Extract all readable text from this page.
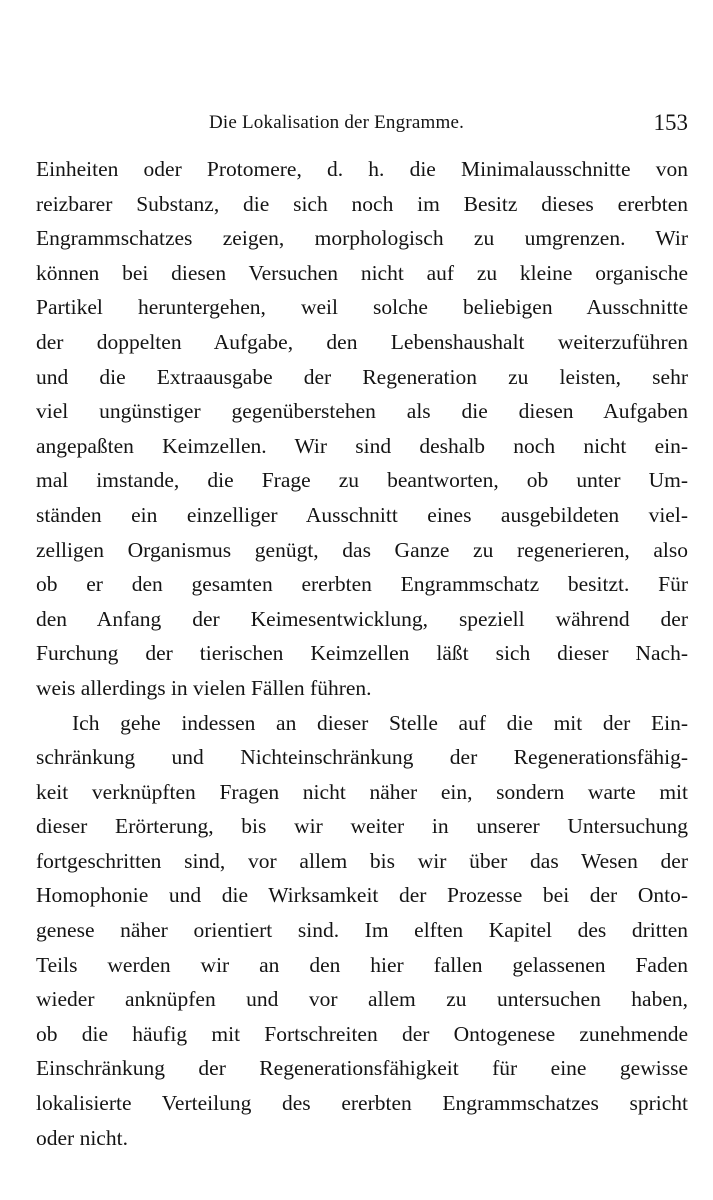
Die Lokalisation der Engramme.	153
Einheiten oder Protomere, d. h. die Minimalausschnitte von
reizbarer Substanz, die sich noch im Besitz dieses ererbten
Engrammschatzes zeigen, morphologisch zu umgrenzen. Wir
können bei diesen Versuchen nicht auf zu kleine organische
Partikel heruntergehen, weil solche beliebigen Ausschnitte
der doppelten Aufgabe, den Lebenshaushalt weiterzuführen
und die Extraausgabe der Regeneration zu leisten, sehr
viel ungünstiger gegenüberstehen als die diesen Aufgaben
angepaßten Keimzellen. Wir sind deshalb noch nicht ein-
mal imstande, die Frage zu beantworten, ob unter Um-
ständen ein einzelliger Ausschnitt eines ausgebildeten viel-
zelligen Organismus genügt, das Ganze zu regenerieren, also
ob er den gesamten ererbten Engrammschatz besitzt. Für
den Anfang der Keimesentwicklung, speziell während der
Furchung der tierischen Keimzellen läßt sich dieser Nach-
weis allerdings in vielen Fällen führen.
Ich gehe indessen an dieser Stelle auf die mit der Ein-
schränkung und Nichteinschränkung der Regenerationsfähig-
keit verknüpften Fragen nicht näher ein, sondern warte mit
dieser Erörterung, bis wir weiter in unserer Untersuchung
fortgeschritten sind, vor allem bis wir über das Wesen der
Homophonie und die Wirksamkeit der Prozesse bei der Onto-
genese näher orientiert sind. Im elften Kapitel des dritten
Teils werden wir an den hier fallen gelassenen Faden
wieder anknüpfen und vor allem zu untersuchen haben,
ob die häufig mit Fortschreiten der Ontogenese zunehmende
Einschränkung der Regenerationsfähigkeit für eine gewisse
lokalisierte Verteilung des ererbten Engrammschatzes spricht
oder nicht.
